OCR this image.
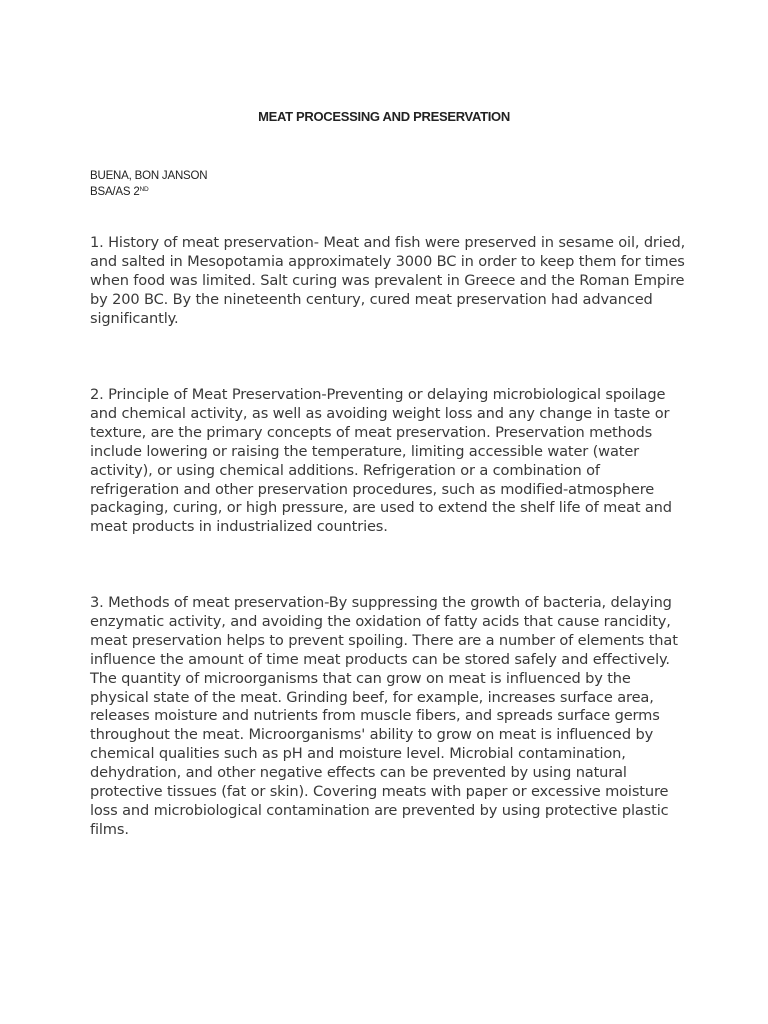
MEAT PROCESSING AND PRESERVATION
BUENA, BON JANSON
BSA/AS 2ND

1. History of meat preservation- Meat and fish were preserved in sesame oil, dried, and salted in Mesopotamia approximately 3000 BC in order to keep them for times when food was limited. Salt curing was prevalent in Greece and the Roman Empire by 200 BC. By the nineteenth century, cured meat preservation had advanced significantly.

2. Principle of Meat Preservation-Preventing or delaying microbiological spoilage and chemical activity, as well as avoiding weight loss and any change in taste or texture, are the primary concepts of meat preservation. Preservation methods include lowering or raising the temperature, limiting accessible water (water activity), or using chemical additions. Refrigeration or a combination of refrigeration and other preservation procedures, such as modified-atmosphere packaging, curing, or high pressure, are used to extend the shelf life of meat and meat products in industrialized countries.

3. Methods of meat preservation-By suppressing the growth of bacteria, delaying enzymatic activity, and avoiding the oxidation of fatty acids that cause rancidity, meat preservation helps to prevent spoiling. There are a number of elements that influence the amount of time meat products can be stored safely and effectively. The quantity of microorganisms that can grow on meat is influenced by the physical state of the meat. Grinding beef, for example, increases surface area, releases moisture and nutrients from muscle fibers, and spreads surface germs throughout the meat. Microorganisms' ability to grow on meat is influenced by chemical qualities such as pH and moisture level. Microbial contamination, dehydration, and other negative effects can be prevented by using natural protective tissues (fat or skin). Covering meats with paper or excessive moisture loss and microbiological contamination are prevented by using protective plastic films.
